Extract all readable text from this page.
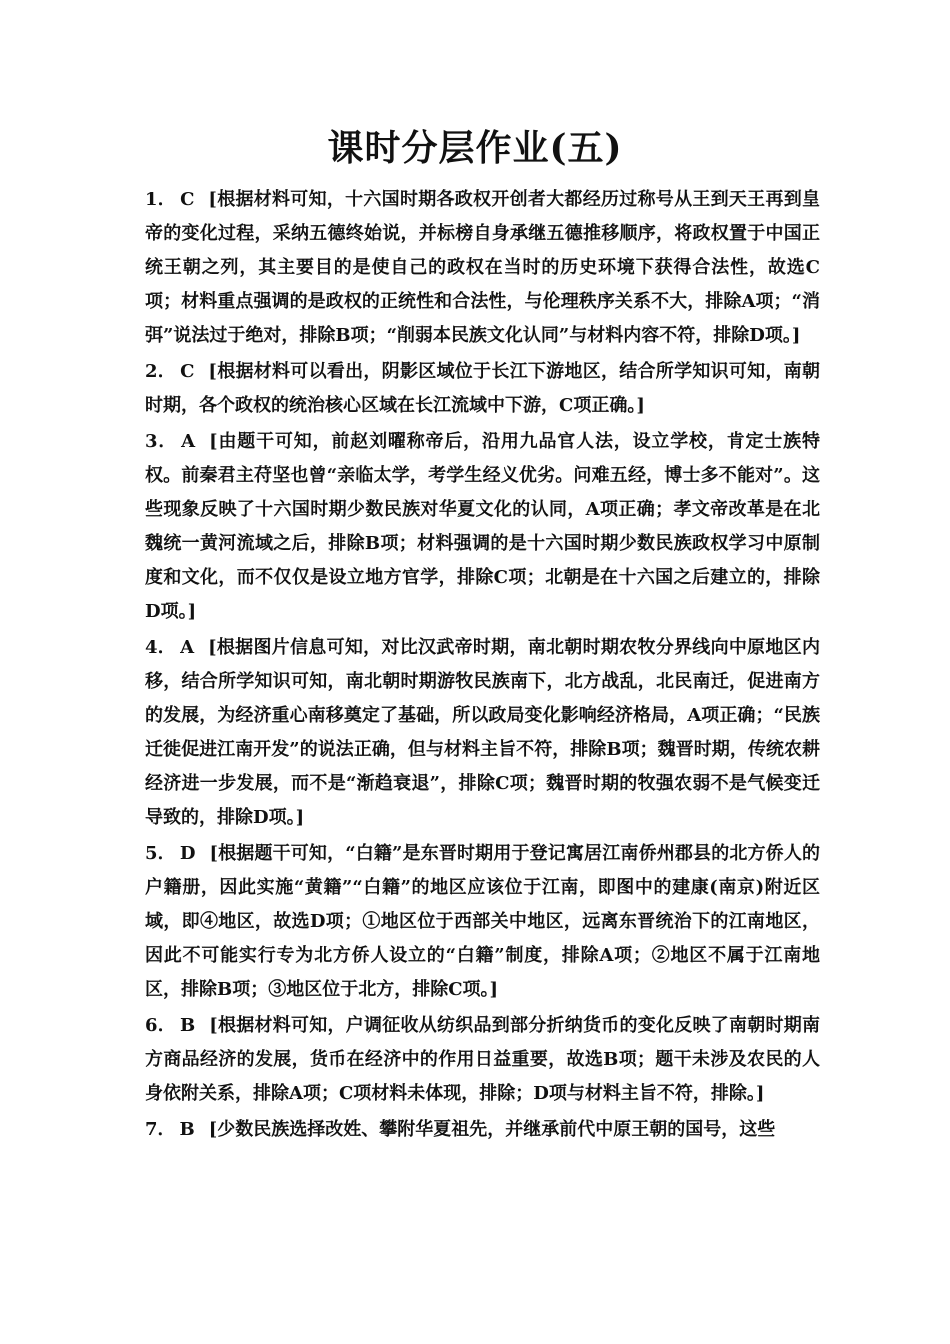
课时分层作业(五)

1． C [根据材料可知，十六国时期各政权开创者大都经历过称号从王到天王再到皇帝的变化过程，采纳五德终始说，并标榜自身承继五德推移顺序，将政权置于中国正统王朝之列，其主要目的是使自己的政权在当时的历史环境下获得合法性，故选C项；材料重点强调的是政权的正统性和合法性，与伦理秩序关系不大，排除A项；“消弭”说法过于绝对，排除B项；“削弱本民族文化认同”与材料内容不符，排除D项。]

2． C [根据材料可以看出，阴影区域位于长江下游地区，结合所学知识可知，南朝时期，各个政权的统治核心区域在长江流域中下游，C项正确。]

3． A [由题干可知，前赵刘曜称帝后，沿用九品官人法，设立学校，肯定士族特权。前秦君主苻坚也曾“亲临太学，考学生经义优劣。问难五经，博士多不能对”。这些现象反映了十六国时期少数民族对华夏文化的认同，A项正确；孝文帝改革是在北魏统一黄河流域之后，排除B项；材料强调的是十六国时期少数民族政权学习中原制度和文化，而不仅仅是设立地方官学，排除C项；北朝是在十六国之后建立的，排除D项。]

4． A [根据图片信息可知，对比汉武帝时期，南北朝时期农牧分界线向中原地区内移，结合所学知识可知，南北朝时期游牧民族南下，北方战乱，北民南迁，促进南方的发展，为经济重心南移奠定了基础，所以政局变化影响经济格局，A项正确；“民族迁徙促进江南开发”的说法正确，但与材料主旨不符，排除B项；魏晋时期，传统农耕经济进一步发展，而不是“渐趋衰退”，排除C项；魏晋时期的牧强农弱不是气候变迁导致的，排除D项。]

5． D [根据题干可知，“白籍”是东晋时期用于登记寓居江南侨州郡县的北方侨人的户籍册，因此实施“黄籍”“白籍”的地区应该位于江南，即图中的建康(南京)附近区域，即④地区，故选D项；①地区位于西部关中地区，远离东晋统治下的江南地区，因此不可能实行专为北方侨人设立的“白籍”制度，排除A项；②地区不属于江南地区，排除B项；③地区位于北方，排除C项。]

6． B [根据材料可知，户调征收从纺织品到部分折纳货币的变化反映了南朝时期南方商品经济的发展，货币在经济中的作用日益重要，故选B项；题干未涉及农民的人身依附关系，排除A项；C项材料未体现，排除；D项与材料主旨不符，排除。]

7． B [少数民族选择改姓、攀附华夏祖先，并继承前代中原王朝的国号，这些
